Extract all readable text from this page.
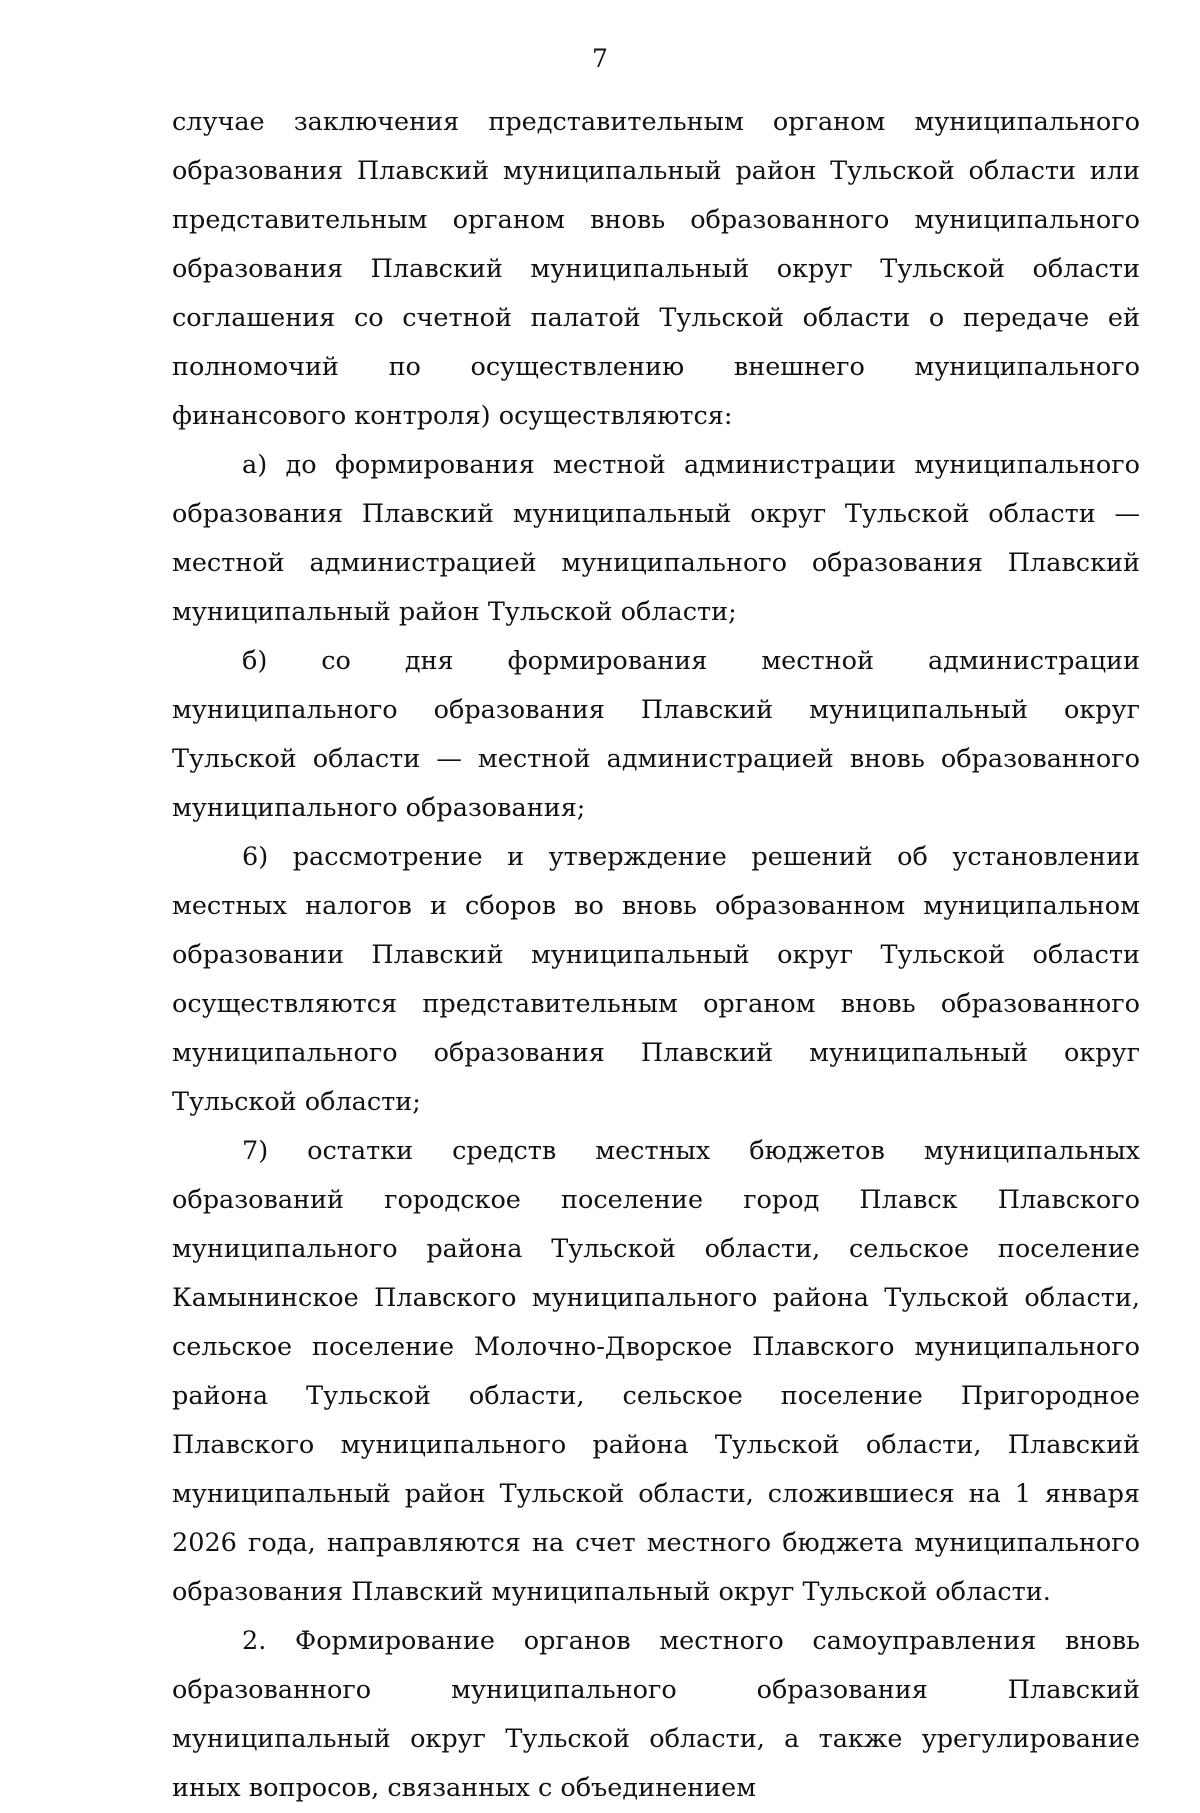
7

случае заключения представительным органом муниципального образования Плавский муниципальный район Тульской области или представительным органом вновь образованного муниципального образования Плавский муниципальный округ Тульской области соглашения со счетной палатой Тульской области о передаче ей полномочий по осуществлению внешнего муниципального финансового контроля) осуществляются:

а) до формирования местной администрации муниципального образования Плавский муниципальный округ Тульской области — местной администрацией муниципального образования Плавский муниципальный район Тульской области;

б) со дня формирования местной администрации муниципального образования Плавский муниципальный округ Тульской области — местной администрацией вновь образованного муниципального образования;

6) рассмотрение и утверждение решений об установлении местных налогов и сборов во вновь образованном муниципальном образовании Плавский муниципальный округ Тульской области осуществляются представительным органом вновь образованного муниципального образования Плавский муниципальный округ Тульской области;

7) остатки средств местных бюджетов муниципальных образований городское поселение город Плавск Плавского муниципального района Тульской области, сельское поселение Камынинское Плавского муниципального района Тульской области, сельское поселение Молочно-Дворское Плавского муниципального района Тульской области, сельское поселение Пригородное Плавского муниципального района Тульской области, Плавский муниципальный район Тульской области, сложившиеся на 1 января 2026 года, направляются на счет местного бюджета муниципального образования Плавский муниципальный округ Тульской области.

2. Формирование органов местного самоуправления вновь образованного муниципального образования Плавский муниципальный округ Тульской области, а также урегулирование иных вопросов, связанных с объединением
